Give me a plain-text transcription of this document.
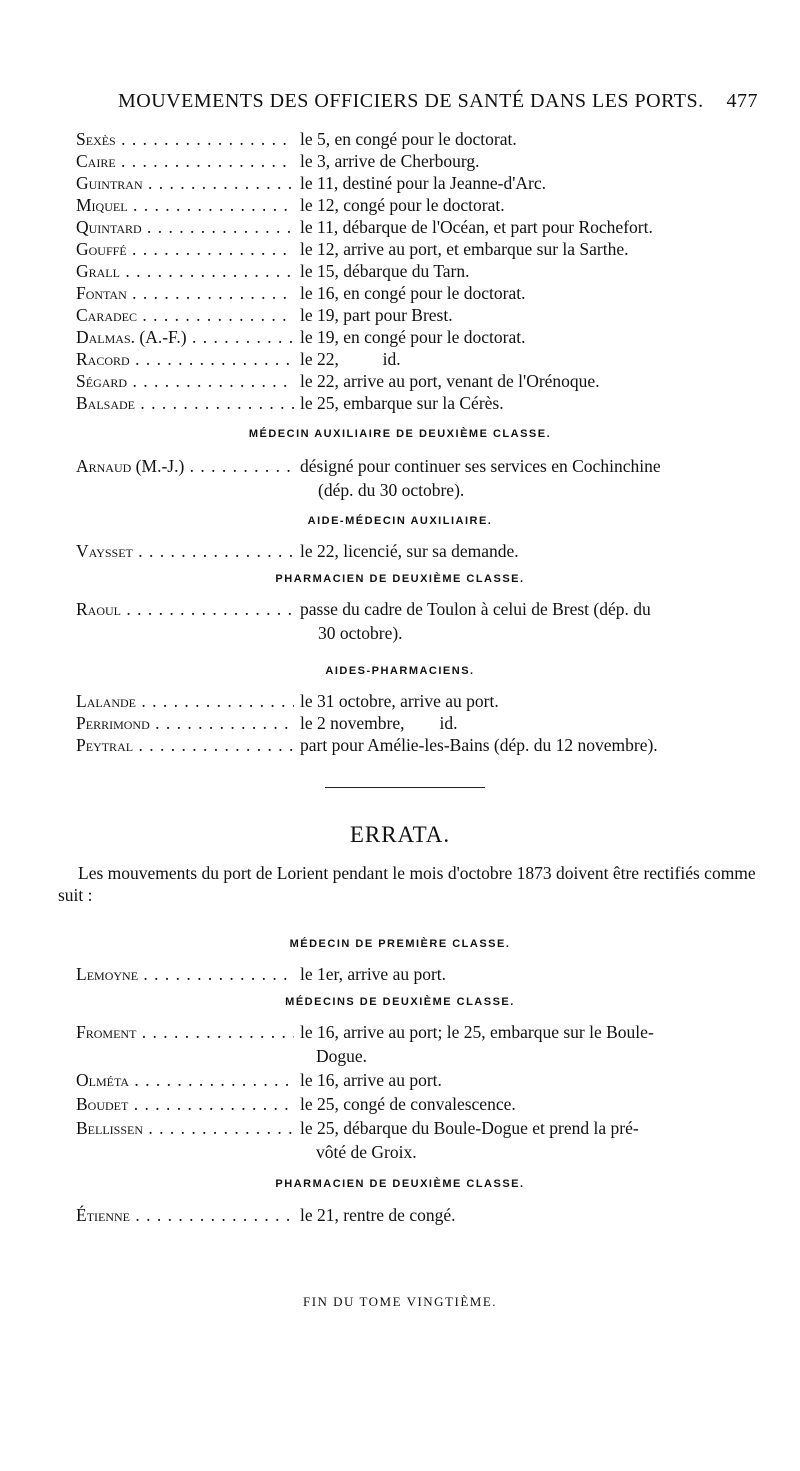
MOUVEMENTS DES OFFICIERS DE SANTÉ DANS LES PORTS. 477
Sexès . . .	le 5, en congé pour le doctorat.
Caire . . .	le 3, arrive de Cherbourg.
Guintran . . .	le 11, destiné pour la Jeanne-d'Arc.
Miquel . . .	le 12, congé pour le doctorat.
Quintard . . .	le 11, débarque de l'Océan, et part pour Rochefort.
Gouffé . . .	le 12, arrive au port, et embarque sur la Sarthe.
Grall . . .	le 15, débarque du Tarn.
Fontan . . .	le 16, en congé pour le doctorat.
Caradec . . .	le 19, part pour Brest.
Dalmas. (A.-F.) . . .	le 19, en congé pour le doctorat.
Racord . . .	le 22,          id.
Ségard . . .	le 22, arrive au port, venant de l'Orénoque.
Balsade . . .	le 25, embarque sur la Cérès.
MÉDECIN AUXILIAIRE DE DEUXIÈME CLASSE.
Arnaud (M.-J.) . . .	désigné pour continuer ses services en Cochinchine
(dép. du 30 octobre).
AIDE-MÉDECIN AUXILIAIRE.
Vaysset . . .	le 22, licencié, sur sa demande.
PHARMACIEN DE DEUXIÈME CLASSE.
Raoul . . .	passe du cadre de Toulon à celui de Brest (dép. du
30 octobre).
AIDES-PHARMACIENS.
Lalande . . .	le 31 octobre, arrive au port.
Perrimond . . .	le 2 novembre,        id.
Peytral . . .	part pour Amélie-les-Bains (dép. du 12 novembre).
ERRATA.
Les mouvements du port de Lorient pendant le mois d'octobre 1873 doivent être rectifiés comme suit :
MÉDECIN DE PREMIÈRE CLASSE.
Lemoyne . . .	le 1er, arrive au port.
MÉDECINS DE DEUXIÈME CLASSE.
Froment . . .	le 16, arrive au port; le 25, embarque sur le Boule-
Dogue.
Olméta . . .	le 16, arrive au port.
Boudet . . .	le 25, congé de convalescence.
Bellissen . . .	le 25, débarque du Boule-Dogue et prend la pré-
vôté de Groix.
PHARMACIEN DE DEUXIÈME CLASSE.
Étienne . . .	le 21, rentre de congé.
FIN DU TOME VINGTIÈME.
